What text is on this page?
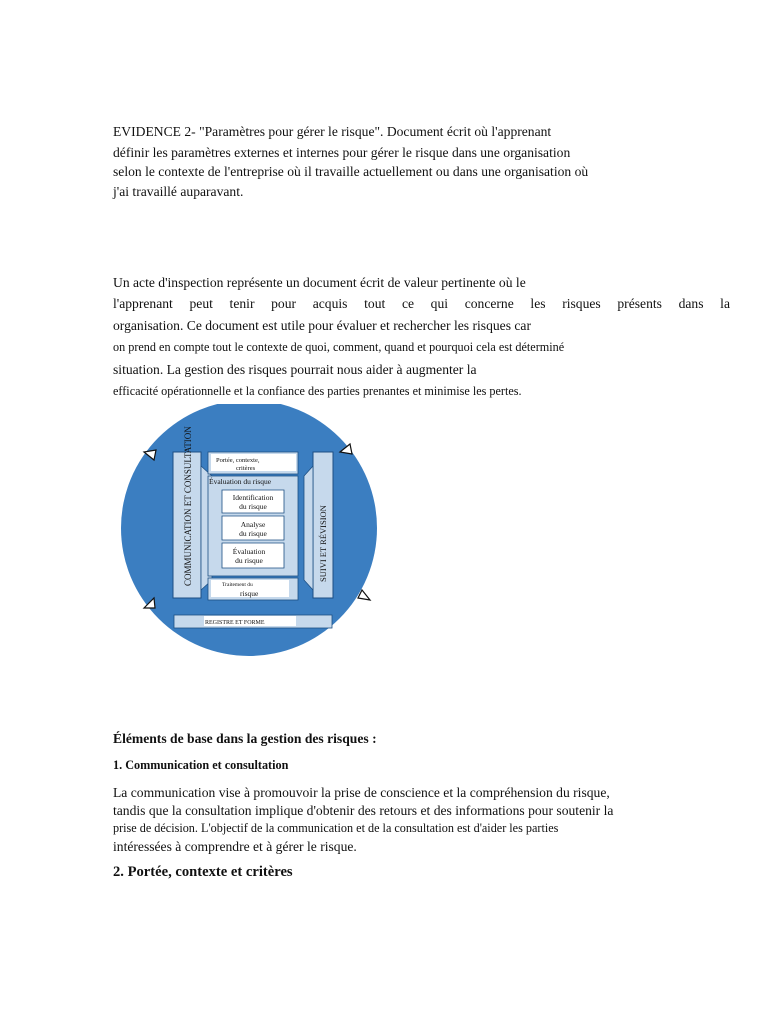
EVIDENCE 2- "Paramètres pour gérer le risque". Document écrit où l'apprenant
définir les paramètres externes et internes pour gérer le risque dans une organisation
selon le contexte de l'entreprise où il travaille actuellement ou dans une organisation où
j'ai travaillé auparavant.
Un acte d'inspection représente un document écrit de valeur pertinente où le
l'apprenant peut tenir pour acquis tout ce qui concerne les risques présents dans la
organisation. Ce document est utile pour évaluer et rechercher les risques car
on prend en compte tout le contexte de quoi, comment, quand et pourquoi cela est déterminé
situation. La gestion des risques pourrait nous aider à augmenter la
efficacité opérationnelle et la confiance des parties prenantes et minimise les pertes.
COMMUNICATION ET CONSULTATION	SUIVI ET RÉVISION
Portée, contexte,
critères
Évaluation du risque
Identification
du risque
Analyse
du risque
Évaluation
du risque
Traitement du
risque
REGISTRE ET FORME
Éléments de base dans la gestion des risques :
1. Communication et consultation
La communication vise à promouvoir la prise de conscience et la compréhension du risque,
tandis que la consultation implique d'obtenir des retours et des informations pour soutenir la
prise de décision. L'objectif de la communication et de la consultation est d'aider les parties
intéressées à comprendre et à gérer le risque.
2. Portée, contexte et critères
